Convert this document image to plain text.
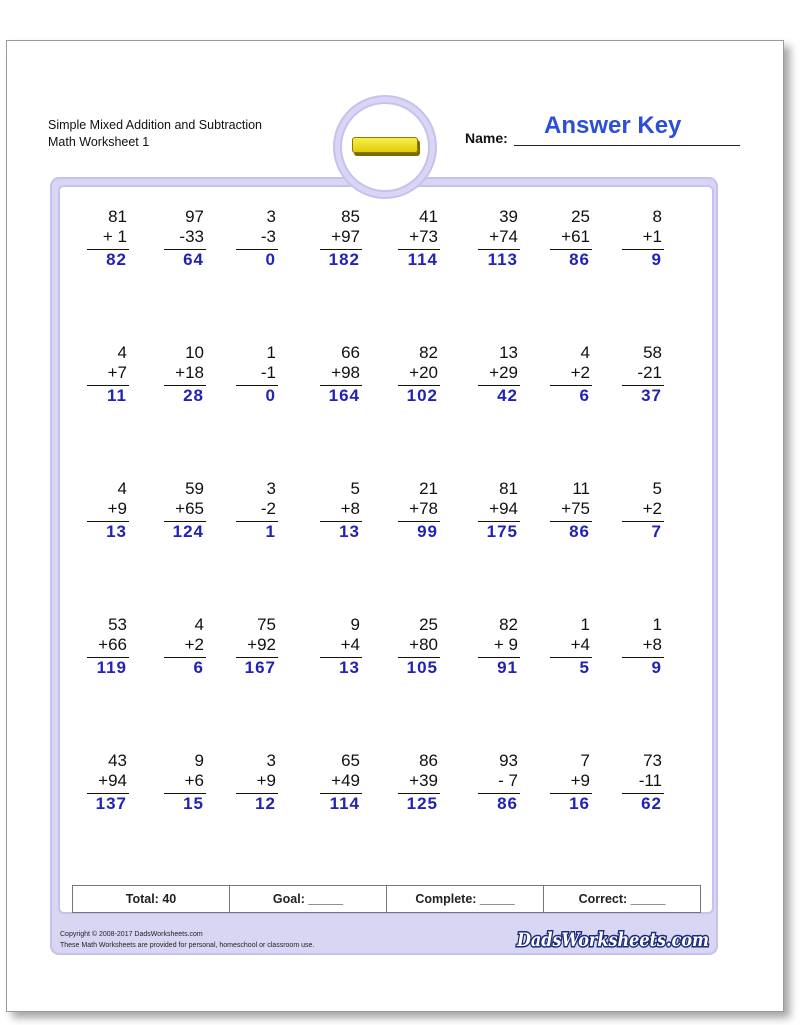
Simple Mixed Addition and Subtraction
Math Worksheet 1	Name: Answer Key
81
+ 1
82
97
-33
64
3
-3
0
85
+97
182
41
+73
114
39
+74
113
25
+61
86
8
+1
9
4
+7
11
10
+18
28
1
-1
0
66
+98
164
82
+20
102
13
+29
42
4
+2
6
58
-21
37
4
+9
13
59
+65
124
3
-2
1
5
+8
13
21
+78
99
81
+94
175
11
+75
86
5
+2
7
53
+66
119
4
+2
6
75
+92
167
9
+4
13
25
+80
105
82
+ 9
91
1
+4
5
1
+8
9
43
+94
137
9
+6
15
3
+9
12
65
+49
114
86
+39
125
93
- 7
86
7
+9
16
73
-11
62
Total: 40	Goal: _____	Complete: _____	Correct: _____
Copyright © 2008-2017 DadsWorksheets.com
These Math Worksheets are provided for personal, homeschool or classroom use.	DadsWorksheets.com
